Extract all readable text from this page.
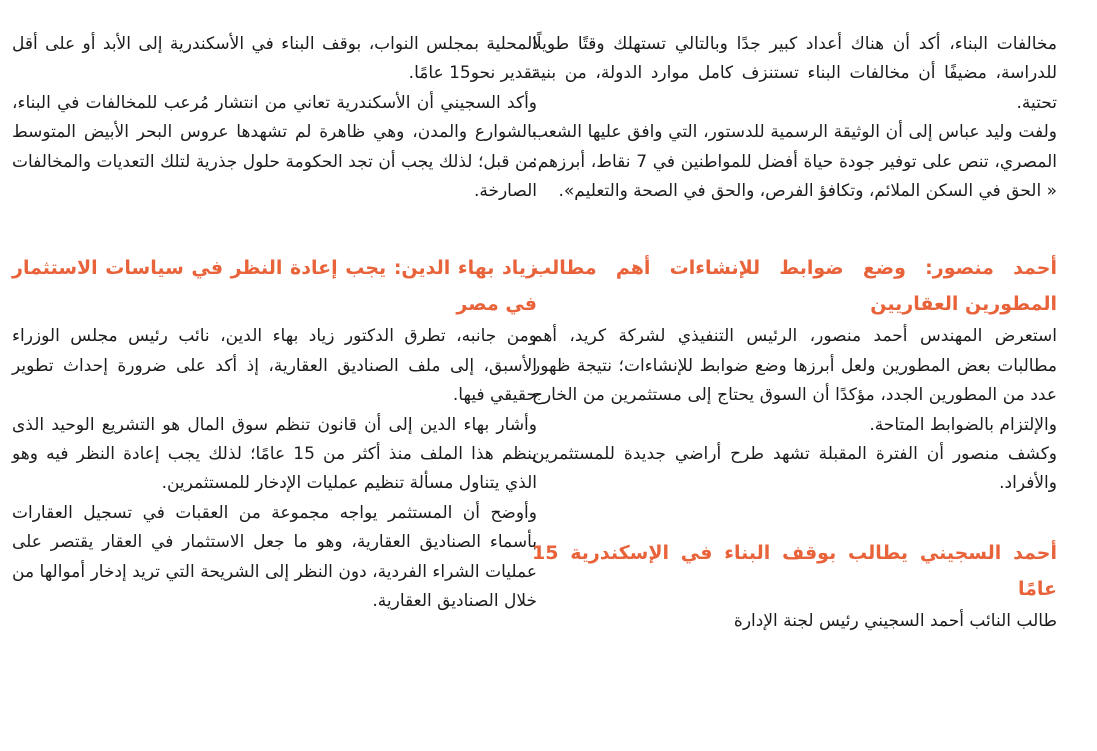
مخالفات البناء، أكد أن هناك أعداد كبير جدًا وبالتالي تستهلك وقتًا طويلًا للدراسة، مضيفًا أن مخالفات البناء تستنزف كامل موارد الدولة، من بنية تحتية.

ولفت وليد عباس إلى أن الوثيقة الرسمية للدستور، التي وافق عليها الشعب المصري، تنص على توفير جودة حياة أفضل للمواطنين في 7 نقاط، أبرزهم: « الحق في السكن الملائم، وتكافؤ الفرص، والحق في الصحة والتعليم».

أحمد منصور: وضع ضوابط للإنشاءات أهم مطالب المطورين العقاريين

استعرض المهندس أحمد منصور، الرئيس التنفيذي لشركة كريد، أهم مطالبات بعض المطورين ولعل أبرزها وضع ضوابط للإنشاءات؛ نتيجة ظهور عدد من المطورين الجدد، مؤكدًا أن السوق يحتاج إلى مستثمرين من الخارج والإلتزام بالضوابط المتاحة.

وكشف منصور أن الفترة المقبلة تشهد طرح أراضي جديدة للمستثمرين والأفراد.

أحمد السجيني يطالب بوقف البناء في الإسكندرية 15 عامًا

طالب النائب أحمد السجيني رئيس لجنة الإدارة

المحلية بمجلس النواب، بوقف البناء في الأسكندرية إلى الأبد أو على أقل تقدير نحو15 عامًا.

وأكد السجيني أن الأسكندرية تعاني من انتشار مُرعب للمخالفات في البناء، بالشوارع والمدن، وهي ظاهرة لم تشهدها عروس البحر الأبيض المتوسط من قبل؛ لذلك يجب أن تجد الحكومة حلول جذرية لتلك التعديات والمخالفات الصارخة.

زياد بهاء الدين: يجب إعادة النظر في سياسات الاستثمار في مصر

ومن جانبه، تطرق الدكتور زياد بهاء الدين، نائب رئيس مجلس الوزراء الأسبق، إلى ملف الصناديق العقارية، إذ أكد على ضرورة إحداث تطوير حقيقي فيها.

وأشار بهاء الدين إلى أن قانون تنظم سوق المال هو التشريع الوحيد الذى ينظم هذا الملف منذ أكثر من 15 عامًا؛ لذلك يجب إعادة النظر فيه وهو الذي يتناول مسألة تنظيم عمليات الإدخار للمستثمرين.

وأوضح أن المستثمر يواجه مجموعة من العقبات في تسجيل العقارات بأسماء الصناديق العقارية، وهو ما جعل الاستثمار في العقار يقتصر على عمليات الشراء الفردية، دون النظر إلى الشريحة التي تريد إدخار أموالها من خلال الصناديق العقارية.
